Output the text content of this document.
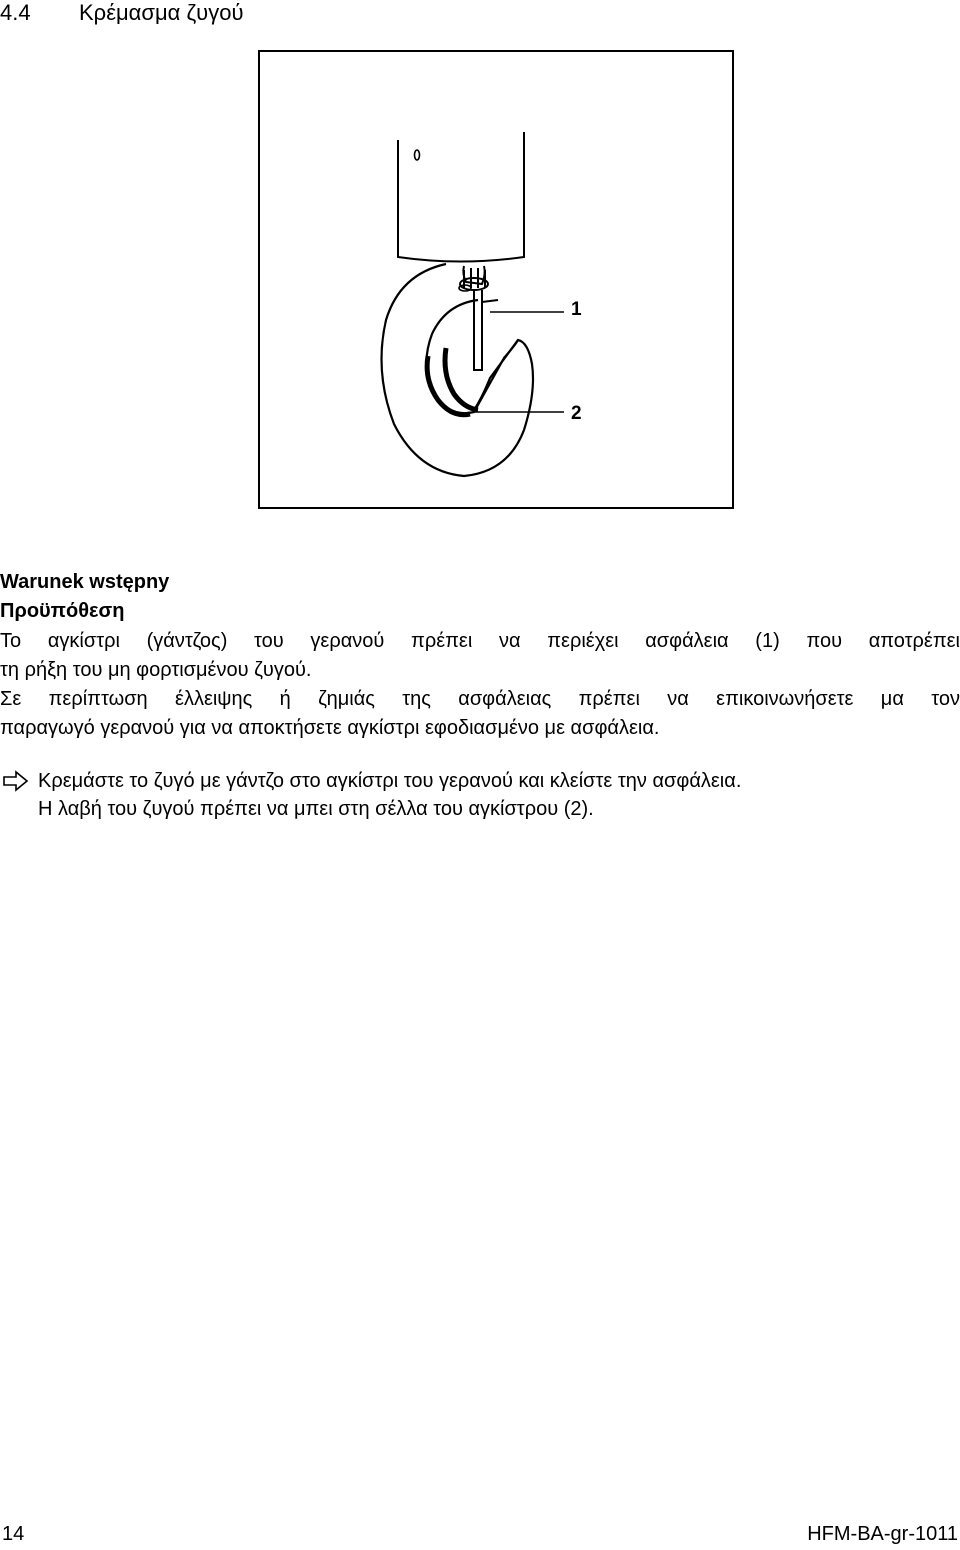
4.4 Κρέμασμα ζυγού
1
2
Warunek wstępny
Προϋπόθεση
Το αγκίστρι (γάντζος) του γερανού πρέπει να περιέχει ασφάλεια (1) που αποτρέπει
τη ρήξη του μη φορτισμένου ζυγού.
Σε περίπτωση έλλειψης ή ζημιάς της ασφάλειας πρέπει να επικοινωνήσετε μα τον
παραγωγό γερανού για να αποκτήσετε αγκίστρι εφοδιασμένο με ασφάλεια.
Κρεμάστε το ζυγό με γάντζο στο αγκίστρι του γερανού και κλείστε την ασφάλεια.
Η λαβή του ζυγού πρέπει να μπει στη σέλλα του αγκίστρου (2).
14	HFM-BA-gr-1011
